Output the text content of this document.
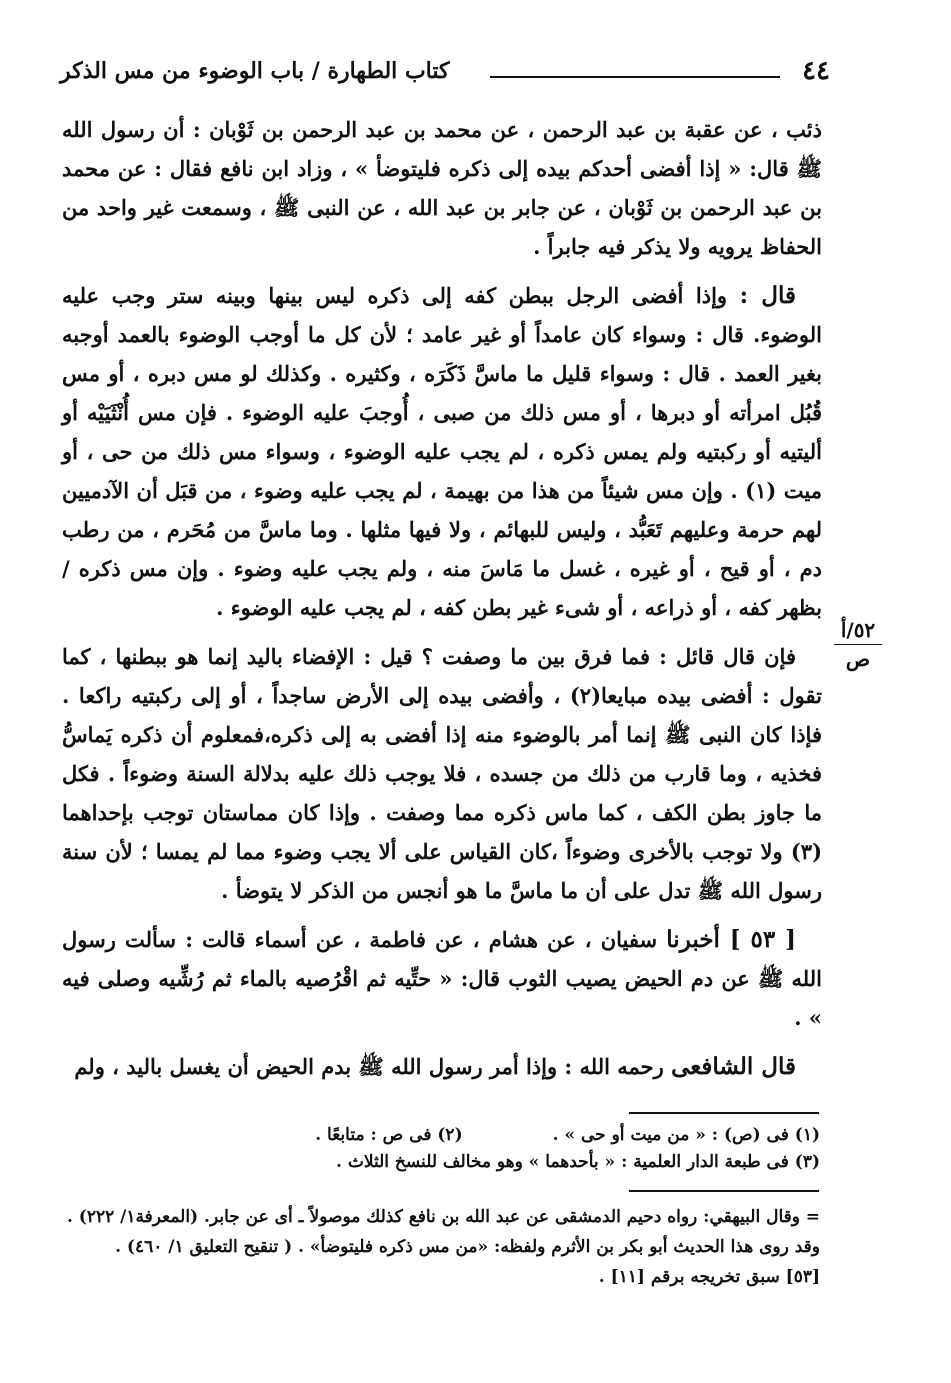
٤٤
كتاب الطهارة / باب الوضوء من مس الذكر
٥٢/أ
ص

ذئب ، عن عقبة بن عبد الرحمن ، عن محمد بن عبد الرحمن بن ثَوْبان : أن رسول الله ﷺ قال: « إذا أفضى أحدكم بيده إلى ذكره فليتوضأ » ، وزاد ابن نافع فقال : عن محمد بن عبد الرحمن بن ثَوْبان ، عن جابر بن عبد الله ، عن النبى ﷺ ، وسمعت غير واحد من الحفاظ يرويه ولا يذكر فيه جابراً .

قال : وإذا أفضى الرجل ببطن كفه إلى ذكره ليس بينها وبينه ستر وجب عليه الوضوء. قال : وسواء كان عامداً أو غير عامد ؛ لأن كل ما أوجب الوضوء بالعمد أوجبه بغير العمد . قال : وسواء قليل ما ماسَّ ذَكَرَه ، وكثيره . وكذلك لو مس دبره ، أو مس قُبُل امرأته أو دبرها ، أو مس ذلك من صبى ، أُوجبَ عليه الوضوء . فإن مس أُنْثَيَيْه أو أليتيه أو ركبتيه ولم يمس ذكره ، لم يجب عليه الوضوء ، وسواء مس ذلك من حى ، أو ميت (١) . وإن مس شيئاً من هذا من بهيمة ، لم يجب عليه وضوء ، من قبَل أن الآدميين لهم حرمة وعليهم تَعَبُّد ، وليس للبهائم ، ولا فيها مثلها . وما ماسَّ من مُحَرم ، من رطب دم ، أو قيح ، أو غيره ، غسل ما مَاسَ منه ، ولم يجب عليه وضوء . وإن مس ذكره / بظهر كفه ، أو ذراعه ، أو شىء غير بطن كفه ، لم يجب عليه الوضوء .

فإن قال قائل : فما فرق بين ما وصفت ؟ قيل : الإفضاء باليد إنما هو ببطنها ، كما تقول : أفضى بيده مبايعا(٢) ، وأفضى بيده إلى الأرض ساجداً ، أو إلى ركبتيه راكعا . فإذا كان النبى ﷺ إنما أمر بالوضوء منه إذا أفضى به إلى ذكره،فمعلوم أن ذكره يَماسُّ فخذيه ، وما قارب من ذلك من جسده ، فلا يوجب ذلك عليه بدلالة السنة وضوءاً . فكل ما جاوز بطن الكف ، كما ماس ذكره مما وصفت . وإذا كان مماستان توجب بإحداهما (٣) ولا توجب بالأخرى وضوءاً ،كان القياس على ألا يجب وضوء مما لم يمسا ؛ لأن سنة رسول الله ﷺ تدل على أن ما ماسَّ ما هو أنجس من الذكر لا يتوضأ .

[ ٥٣ ] أخبرنا سفيان ، عن هشام ، عن فاطمة ، عن أسماء قالت : سألت رسول الله ﷺ عن دم الحيض يصيب الثوب قال: « حتِّيه ثم اقْرُصيه بالماء ثم رُشِّيه وصلى فيه » .

قال الشافعى رحمه الله : وإذا أمر رسول الله ﷺ بدم الحيض أن يغسل باليد ، ولم

(١) فى (ص) : « من ميت أو حى » .
(٢) فى ص : متابعًا .
(٣) فى طبعة الدار العلمية : « بأحدهما » وهو مخالف للنسخ الثلاث .
=وقال البيهقي: رواه دحيم الدمشقى عن عبد الله بن نافع كذلك موصولاً ـ أى عن جابر. (المعرفة١/ ٢٢٢) .
وقد روى هذا الحديث أبو بكر بن الأثرم ولفظه: «من مس ذكره فليتوضأ» . ( تنقيح التعليق ١/ ٤٦٠) .
[٥٣] سبق تخريجه برقم [١١] .
